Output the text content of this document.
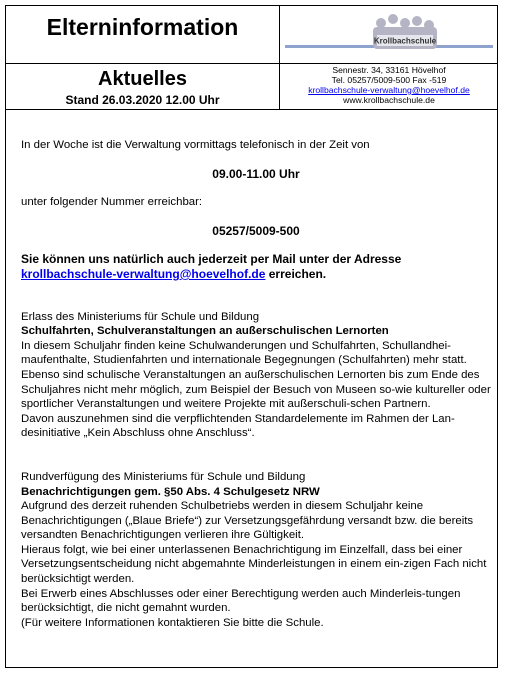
Elterninformation
Krollbachschule
Aktuelles
Stand 26.03.2020 12.00 Uhr
Sennestr. 34, 33161 Hövelhof
Tel. 05257/5009-500 Fax -519
krollbachschule-verwaltung@hoevelhof.de
www.krollbachschule.de

In der Woche ist die Verwaltung vormittags telefonisch in der Zeit von

09.00-11.00 Uhr

unter folgender Nummer erreichbar:

05257/5009-500

Sie können uns natürlich auch jederzeit per Mail unter der Adresse
krollbachschule-verwaltung@hoevelhof.de erreichen.

Erlass des Ministeriums für Schule und Bildung

Schulfahrten, Schulveranstaltungen an außerschulischen Lernorten

In diesem Schuljahr finden keine Schulwanderungen und Schulfahrten, Schullandhei-maufenthalte, Studienfahrten und internationale Begegnungen (Schulfahrten) mehr statt.

Ebenso sind schulische Veranstaltungen an außerschulischen Lernorten bis zum Ende des Schuljahres nicht mehr möglich, zum Beispiel der Besuch von Museen so-wie kultureller oder sportlicher Veranstaltungen und weitere Projekte mit außerschuli-schen Partnern.

Davon auszunehmen sind die verpflichtenden Standardelemente im Rahmen der Lan-desinitiative „Kein Abschluss ohne Anschluss“.

Rundverfügung des Ministeriums für Schule und Bildung

Benachrichtigungen gem. §50 Abs. 4 Schulgesetz NRW

Aufgrund des derzeit ruhenden Schulbetriebs werden in diesem Schuljahr keine Benachrichtigungen („Blaue Briefe“) zur Versetzungsgefährdung versandt bzw. die bereits versandten Benachrichtigungen verlieren ihre Gültigkeit.

Hieraus folgt, wie bei einer unterlassenen Benachrichtigung im Einzelfall, dass bei einer Versetzungsentscheidung nicht abgemahnte Minderleistungen in einem ein-zigen Fach nicht berücksichtigt werden.

Bei Erwerb eines Abschlusses oder einer Berechtigung werden auch Minderleis-tungen berücksichtigt, die nicht gemahnt wurden.

(Für weitere Informationen kontaktieren Sie bitte die Schule.
